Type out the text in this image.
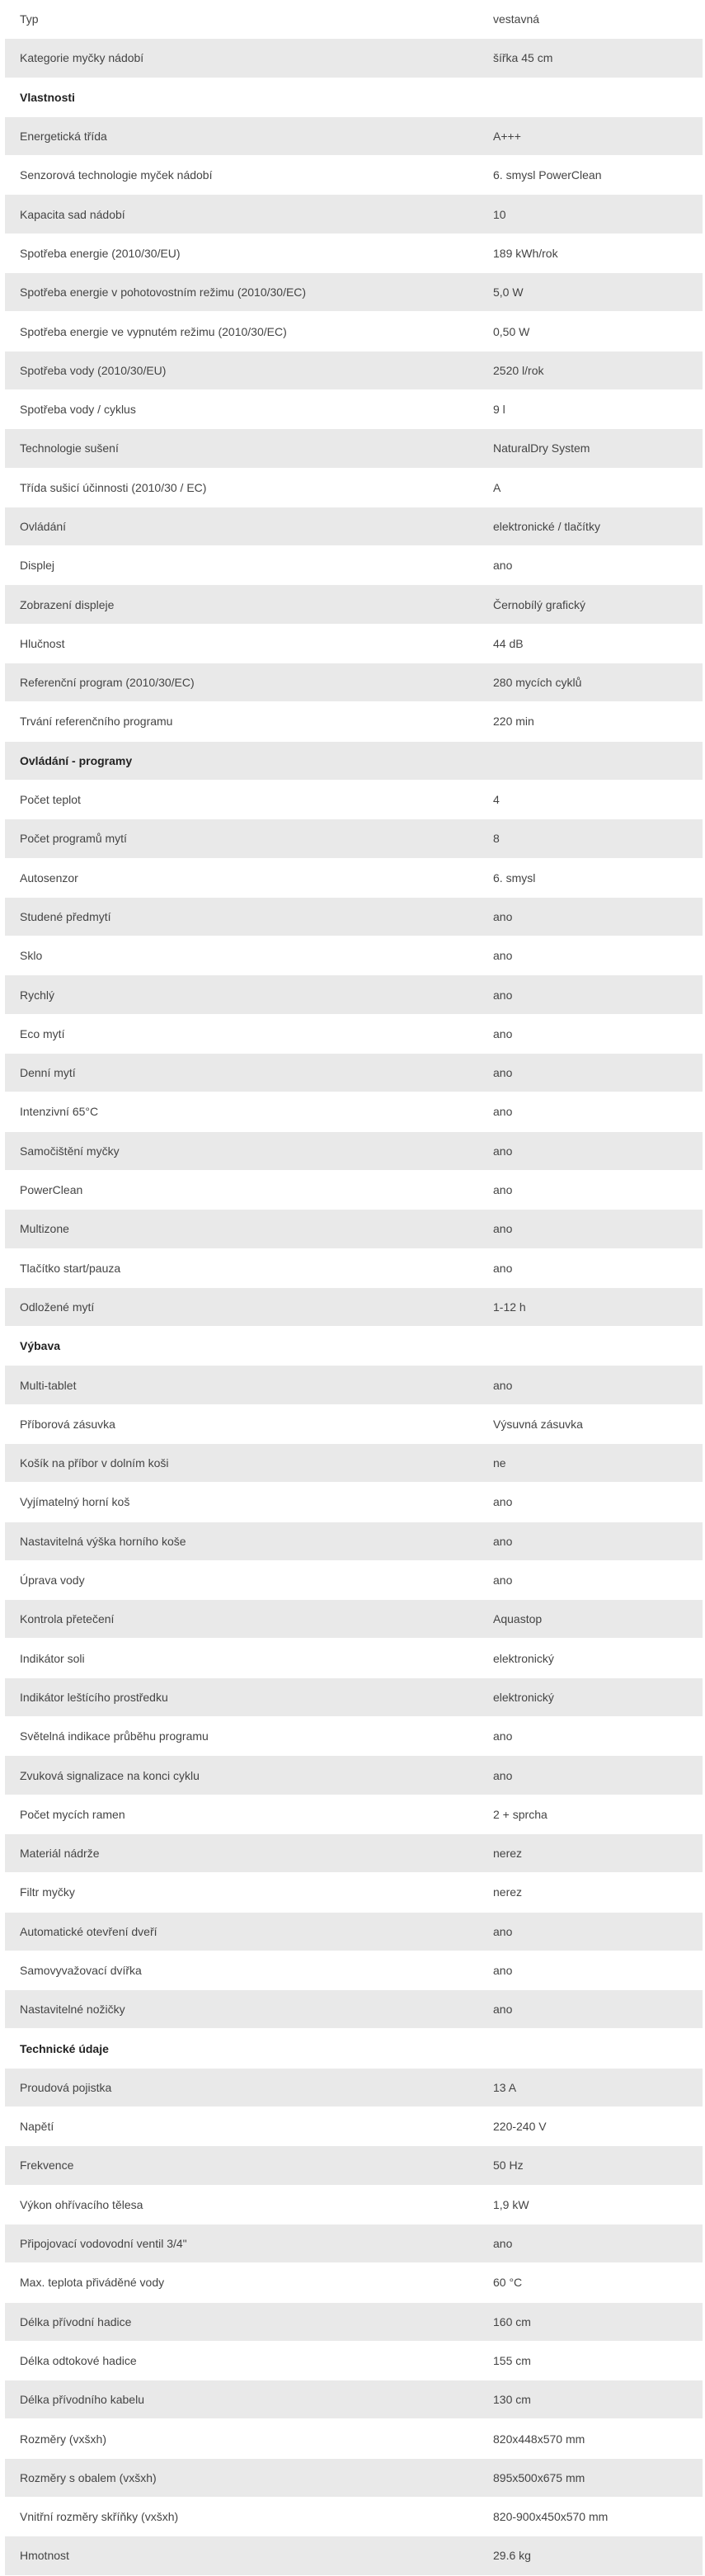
Typ	vestavná
Kategorie myčky nádobí	šířka 45 cm
Vlastnosti
Energetická třída	A+++
Senzorová technologie myček nádobí	6. smysl PowerClean
Kapacita sad nádobí	10
Spotřeba energie (2010/30/EU)	189 kWh/rok
Spotřeba energie v pohotovostním režimu (2010/30/EC)	5,0 W
Spotřeba energie ve vypnutém režimu (2010/30/EC)	0,50 W
Spotřeba vody (2010/30/EU)	2520 l/rok
Spotřeba vody / cyklus	9 l
Technologie sušení	NaturalDry System
Třída sušicí účinnosti (2010/30 / EC)	A
Ovládání	elektronické / tlačítky
Displej	ano
Zobrazení displeje	Černobílý grafický
Hlučnost	44 dB
Referenční program (2010/30/EC)	280 mycích cyklů
Trvání referenčního programu	220 min
Ovládání - programy
Počet teplot	4
Počet programů mytí	8
Autosenzor	6. smysl
Studené předmytí	ano
Sklo	ano
Rychlý	ano
Eco mytí	ano
Denní mytí	ano
Intenzivní 65°C	ano
Samočištění myčky	ano
PowerClean	ano
Multizone	ano
Tlačítko start/pauza	ano
Odložené mytí	1-12 h
Výbava
Multi-tablet	ano
Příborová zásuvka	Výsuvná zásuvka
Košík na příbor v dolním koši	ne
Vyjímatelný horní koš	ano
Nastavitelná výška horního koše	ano
Úprava vody	ano
Kontrola přetečení	Aquastop
Indikátor soli	elektronický
Indikátor leštícího prostředku	elektronický
Světelná indikace průběhu programu	ano
Zvuková signalizace na konci cyklu	ano
Počet mycích ramen	2 + sprcha
Materiál nádrže	nerez
Filtr myčky	nerez
Automatické otevření dveří	ano
Samovyvažovací dvířka	ano
Nastavitelné nožičky	ano
Technické údaje
Proudová pojistka	13 A
Napětí	220-240 V
Frekvence	50 Hz
Výkon ohřívacího tělesa	1,9 kW
Připojovací vodovodní ventil 3/4"	ano
Max. teplota přiváděné vody	60 °C
Délka přívodní hadice	160 cm
Délka odtokové hadice	155 cm
Délka přívodního kabelu	130 cm
Rozměry (vxšxh)	820x448x570 mm
Rozměry s obalem (vxšxh)	895x500x675 mm
Vnitřní rozměry skříňky (vxšxh)	820-900x450x570 mm
Hmotnost	29.6 kg
